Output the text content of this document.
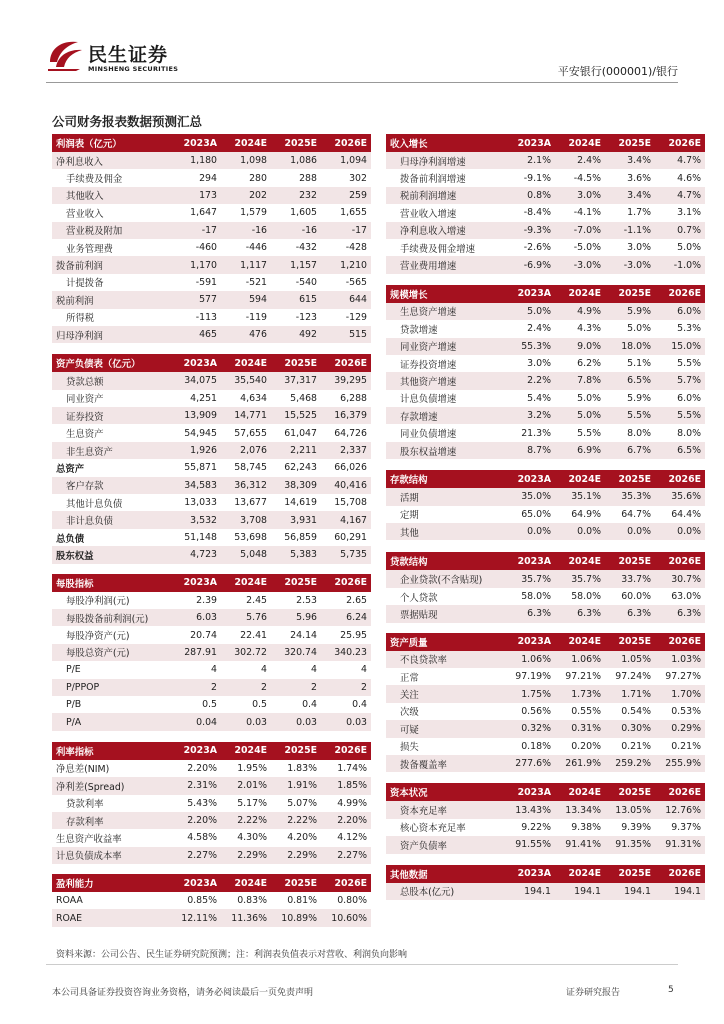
民生证券
MINSHENG SECURITIES	平安银行(000001)/银行
公司财务报表数据预测汇总
利润表（亿元）	2023A	2024E	2025E	2026E
净利息收入	1,180	1,098	1,086	1,094
手续费及佣金	294	280	288	302
其他收入	173	202	232	259
营业收入	1,647	1,579	1,605	1,655
营业税及附加	-17	-16	-16	-17
业务管理费	-460	-446	-432	-428
拨备前利润	1,170	1,117	1,157	1,210
计提拨备	-591	-521	-540	-565
税前利润	577	594	615	644
所得税	-113	-119	-123	-129
归母净利润	465	476	492	515
资产负债表（亿元）	2023A	2024E	2025E	2026E
贷款总额	34,075	35,540	37,317	39,295
同业资产	4,251	4,634	5,468	6,288
证券投资	13,909	14,771	15,525	16,379
生息资产	54,945	57,655	61,047	64,726
非生息资产	1,926	2,076	2,211	2,337
总资产	55,871	58,745	62,243	66,026
客户存款	34,583	36,312	38,309	40,416
其他计息负债	13,033	13,677	14,619	15,708
非计息负债	3,532	3,708	3,931	4,167
总负债	51,148	53,698	56,859	60,291
股东权益	4,723	5,048	5,383	5,735
每股指标	2023A	2024E	2025E	2026E
每股净利润(元)	2.39	2.45	2.53	2.65
每股拨备前利润(元)	6.03	5.76	5.96	6.24
每股净资产(元)	20.74	22.41	24.14	25.95
每股总资产(元)	287.91	302.72	320.74	340.23
P/E	4	4	4	4
P/PPOP	2	2	2	2
P/B	0.5	0.5	0.4	0.4
P/A	0.04	0.03	0.03	0.03
利率指标	2023A	2024E	2025E	2026E
净息差(NIM)	2.20%	1.95%	1.83%	1.74%
净利差(Spread)	2.31%	2.01%	1.91%	1.85%
贷款利率	5.43%	5.17%	5.07%	4.99%
存款利率	2.20%	2.22%	2.22%	2.20%
生息资产收益率	4.58%	4.30%	4.20%	4.12%
计息负债成本率	2.27%	2.29%	2.29%	2.27%
盈利能力	2023A	2024E	2025E	2026E
ROAA	0.85%	0.83%	0.81%	0.80%
ROAE	12.11%	11.36%	10.89%	10.60%
收入增长	2023A	2024E	2025E	2026E
归母净利润增速	2.1%	2.4%	3.4%	4.7%
拨备前利润增速	-9.1%	-4.5%	3.6%	4.6%
税前利润增速	0.8%	3.0%	3.4%	4.7%
营业收入增速	-8.4%	-4.1%	1.7%	3.1%
净利息收入增速	-9.3%	-7.0%	-1.1%	0.7%
手续费及佣金增速	-2.6%	-5.0%	3.0%	5.0%
营业费用增速	-6.9%	-3.0%	-3.0%	-1.0%
规模增长	2023A	2024E	2025E	2026E
生息资产增速	5.0%	4.9%	5.9%	6.0%
贷款增速	2.4%	4.3%	5.0%	5.3%
同业资产增速	55.3%	9.0%	18.0%	15.0%
证券投资增速	3.0%	6.2%	5.1%	5.5%
其他资产增速	2.2%	7.8%	6.5%	5.7%
计息负债增速	5.4%	5.0%	5.9%	6.0%
存款增速	3.2%	5.0%	5.5%	5.5%
同业负债增速	21.3%	5.5%	8.0%	8.0%
股东权益增速	8.7%	6.9%	6.7%	6.5%
存款结构	2023A	2024E	2025E	2026E
活期	35.0%	35.1%	35.3%	35.6%
定期	65.0%	64.9%	64.7%	64.4%
其他	0.0%	0.0%	0.0%	0.0%
贷款结构	2023A	2024E	2025E	2026E
企业贷款(不含贴现)	35.7%	35.7%	33.7%	30.7%
个人贷款	58.0%	58.0%	60.0%	63.0%
票据贴现	6.3%	6.3%	6.3%	6.3%
资产质量	2023A	2024E	2025E	2026E
不良贷款率	1.06%	1.06%	1.05%	1.03%
正常	97.19%	97.21%	97.24%	97.27%
关注	1.75%	1.73%	1.71%	1.70%
次级	0.56%	0.55%	0.54%	0.53%
可疑	0.32%	0.31%	0.30%	0.29%
损失	0.18%	0.20%	0.21%	0.21%
拨备覆盖率	277.6%	261.9%	259.2%	255.9%
资本状况	2023A	2024E	2025E	2026E
资本充足率	13.43%	13.34%	13.05%	12.76%
核心资本充足率	9.22%	9.38%	9.39%	9.37%
资产负债率	91.55%	91.41%	91.35%	91.31%
其他数据	2023A	2024E	2025E	2026E
总股本(亿元)	194.1	194.1	194.1	194.1
资料来源：公司公告、民生证券研究院预测；注：利润表负值表示对营收、利润负向影响
本公司具备证券投资咨询业务资格，请务必阅读最后一页免责声明	证券研究报告	5
